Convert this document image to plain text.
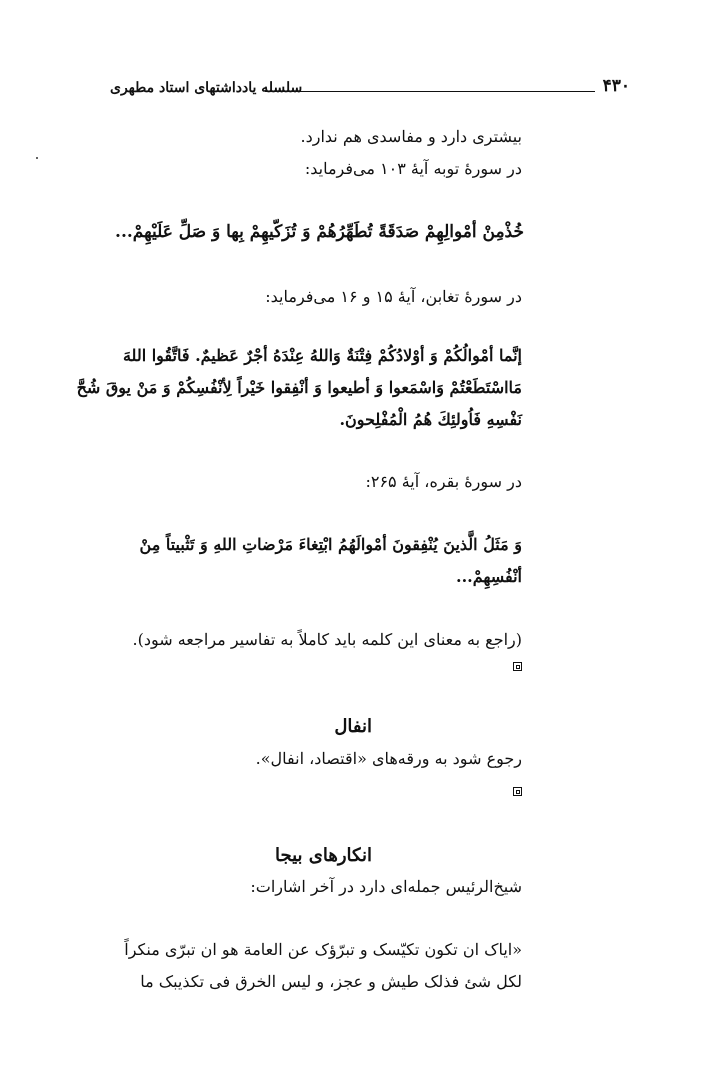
۴۳۰
سلسله یادداشتهای استاد مطهری
بیشتری دارد و مفاسدی هم ندارد.
در سورهٔ توبه آیهٔ ۱۰۳ می‌فرماید:
خُذْمِنْ أمْوالِهِمْ صَدَقَةً تُطَهِّرُهُمْ وَ تُزَكّيهِمْ بِها وَ صَلِّ عَلَيْهِمْ...
در سورهٔ تغابن، آیهٔ ۱۵ و ۱۶ می‌فرماید:
إنَّما أمْوالُكُمْ وَ أوْلادُكُمْ فِتْنَةٌ وَاللهُ عِنْدَهُ أجْرٌ عَظيمٌ. فَاتَّقُوا اللهَ
مَااسْتَطَعْتُمْ وَاسْمَعوا وَ أطيعوا وَ أنْفِقوا خَيْراً لِأنْفُسِكُمْ وَ مَنْ يوقَ شُحَّ
نَفْسِهِ فَاُولئِكَ هُمُ الْمُفْلِحونَ.
در سورهٔ بقره، آیهٔ ۲۶۵:
وَ مَثَلُ الَّذينَ يُنْفِقونَ أمْوالَهُمُ ابْتِغاءَ مَرْضاتِ اللهِ وَ تَثْبيتاً مِنْ
أنْفُسِهِمْ...
(راجع به معنای این کلمه باید کاملاً به تفاسیر مراجعه شود).
انفال
رجوع شود به ورقه‌های «اقتصاد، انفال».
انکارهای بیجا
شیخ‌الرئیس جمله‌ای دارد در آخر اشارات:
«ایاک ان تکون تکیّسک و تبرّؤک عن العامة هو ان تبرّی منکراً
لکل شئ فذلک طیش و عجز، و لیس الخرق فی تکذیبک ما
